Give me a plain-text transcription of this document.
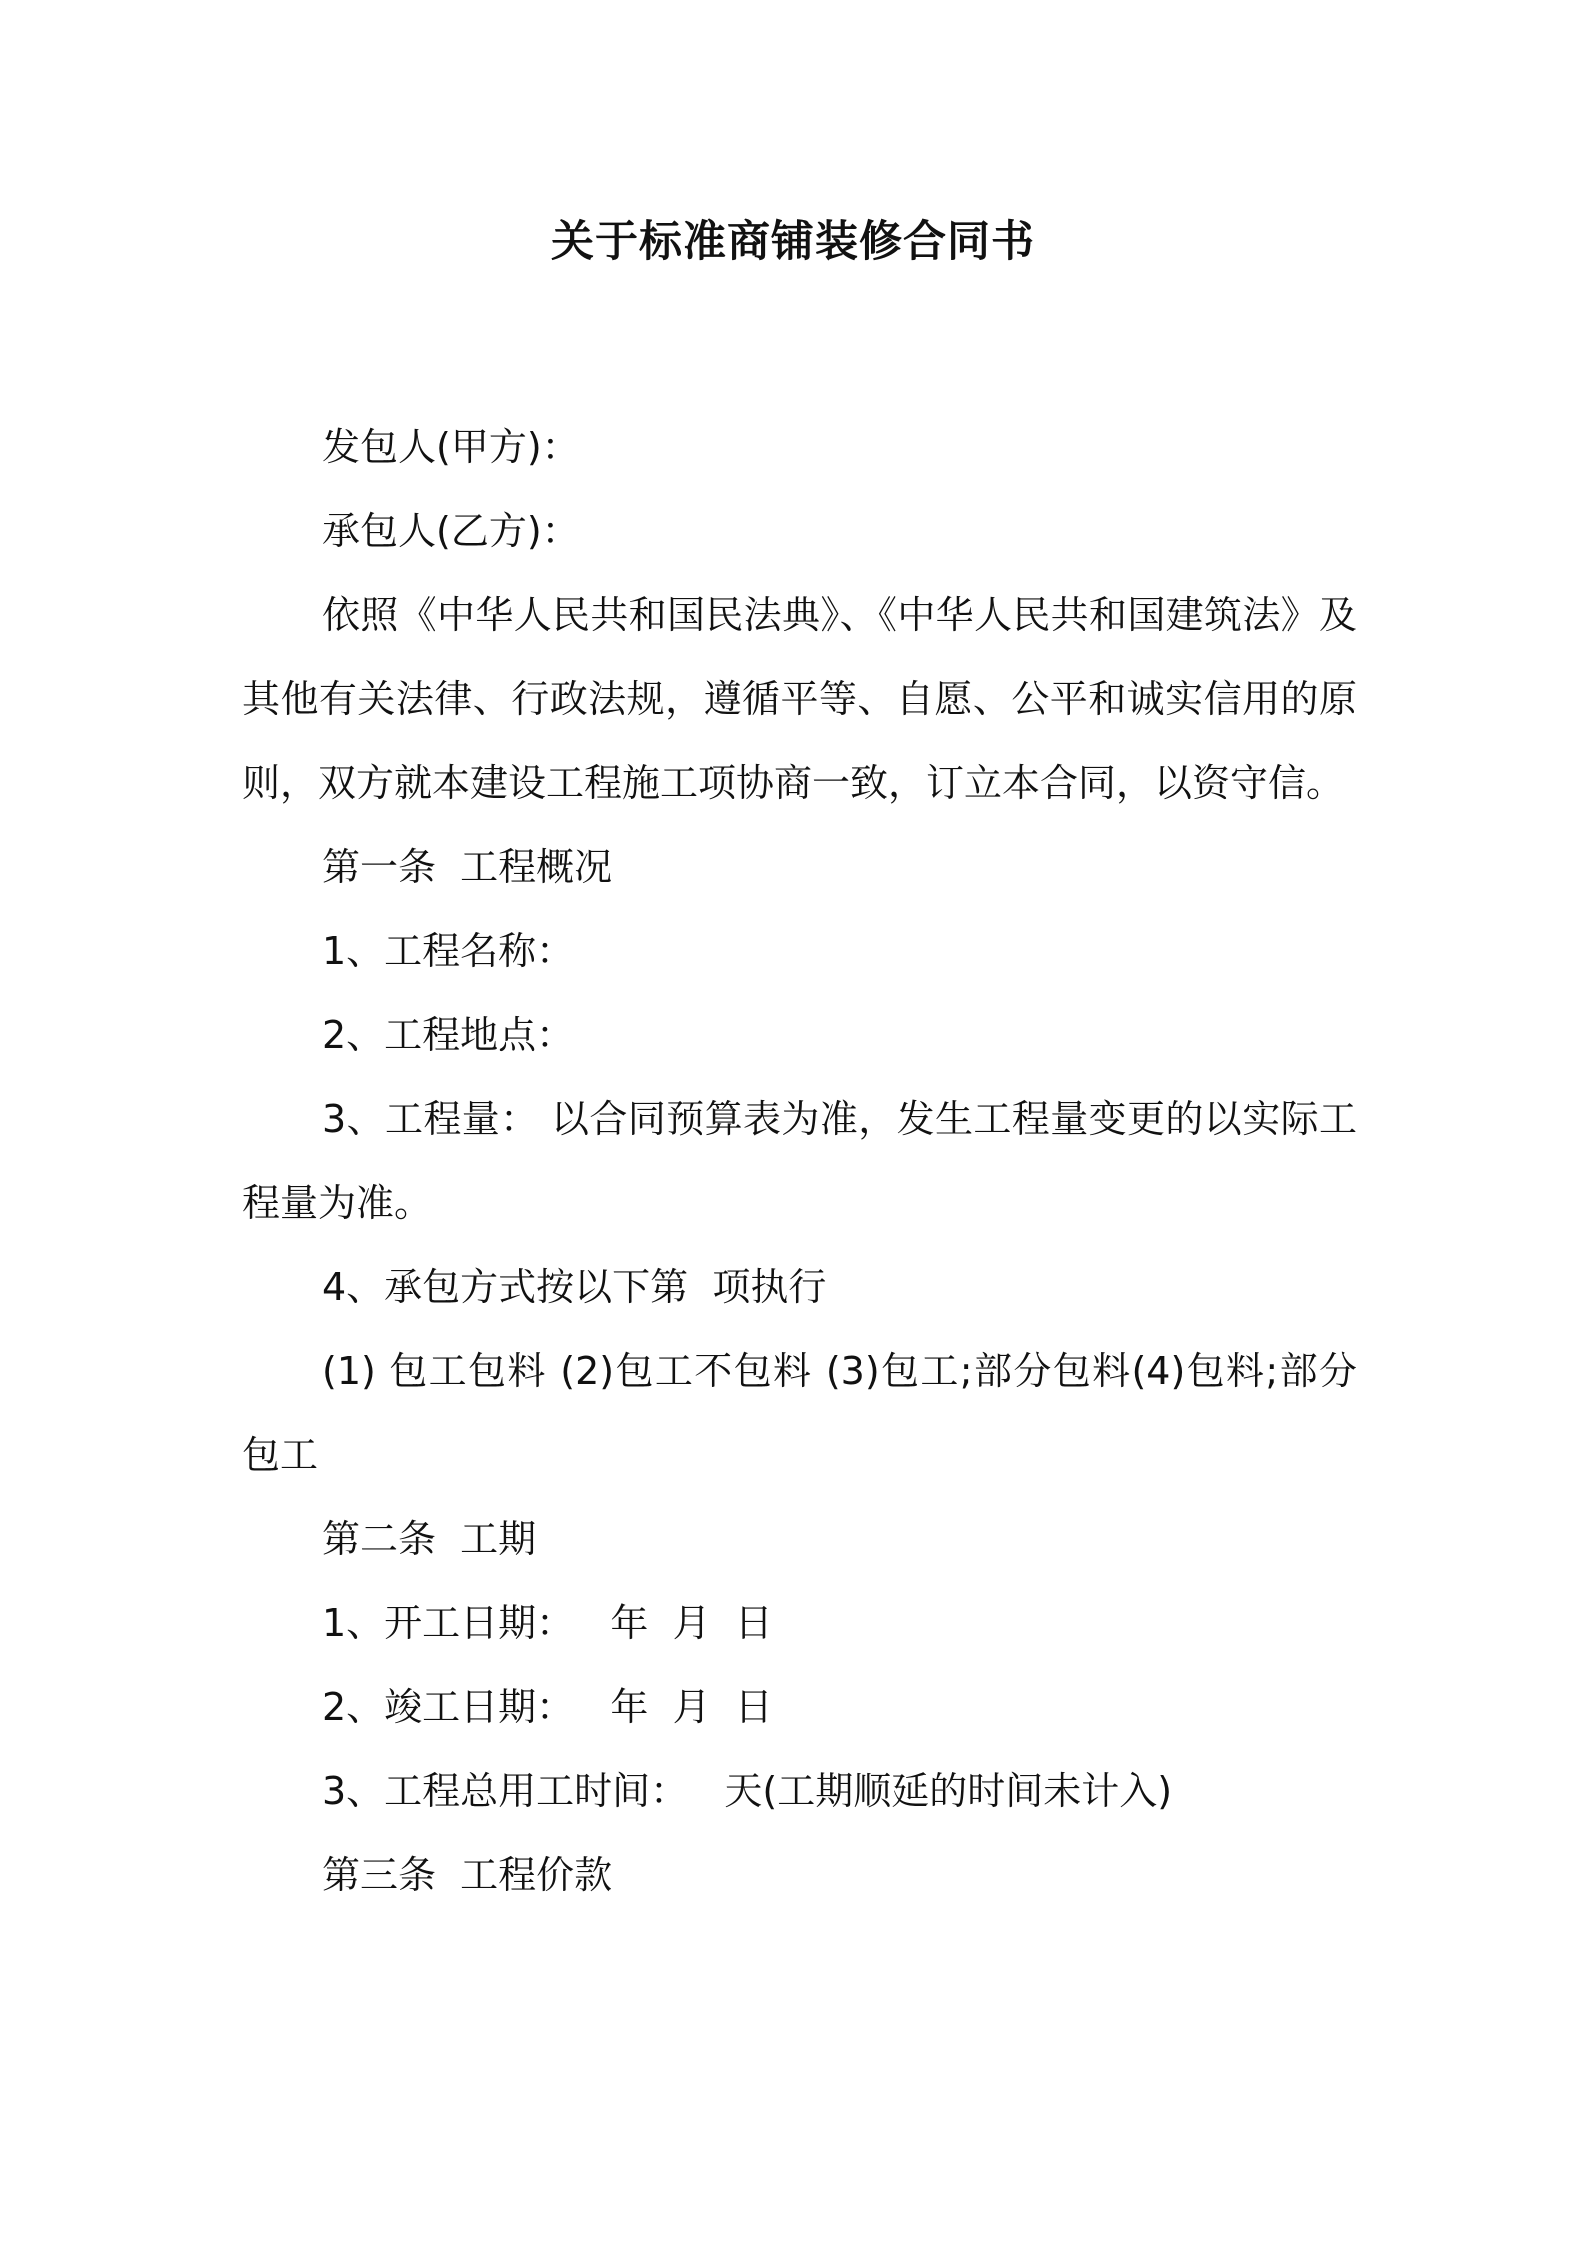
关于标准商铺装修合同书

发包人(甲方)：

承包人(乙方)：

依照《中华人民共和国民法典》、《中华人民共和国建筑法》及其他有关法律、行政法规，遵循平等、自愿、公平和诚实信用的原则，双方就本建设工程施工项协商一致，订立本合同，以资守信。

第一条  工程概况

1、工程名称：

2、工程地点：

3、工程量： 以合同预算表为准，发生工程量变更的以实际工程量为准。

4、承包方式按以下第  项执行

(1) 包工包料 (2)包工不包料 (3)包工;部分包料(4)包料;部分包工

第二条  工期

1、开工日期：   年  月  日

2、竣工日期：   年  月  日

3、工程总用工时间：   天(工期顺延的时间未计入)

第三条  工程价款
